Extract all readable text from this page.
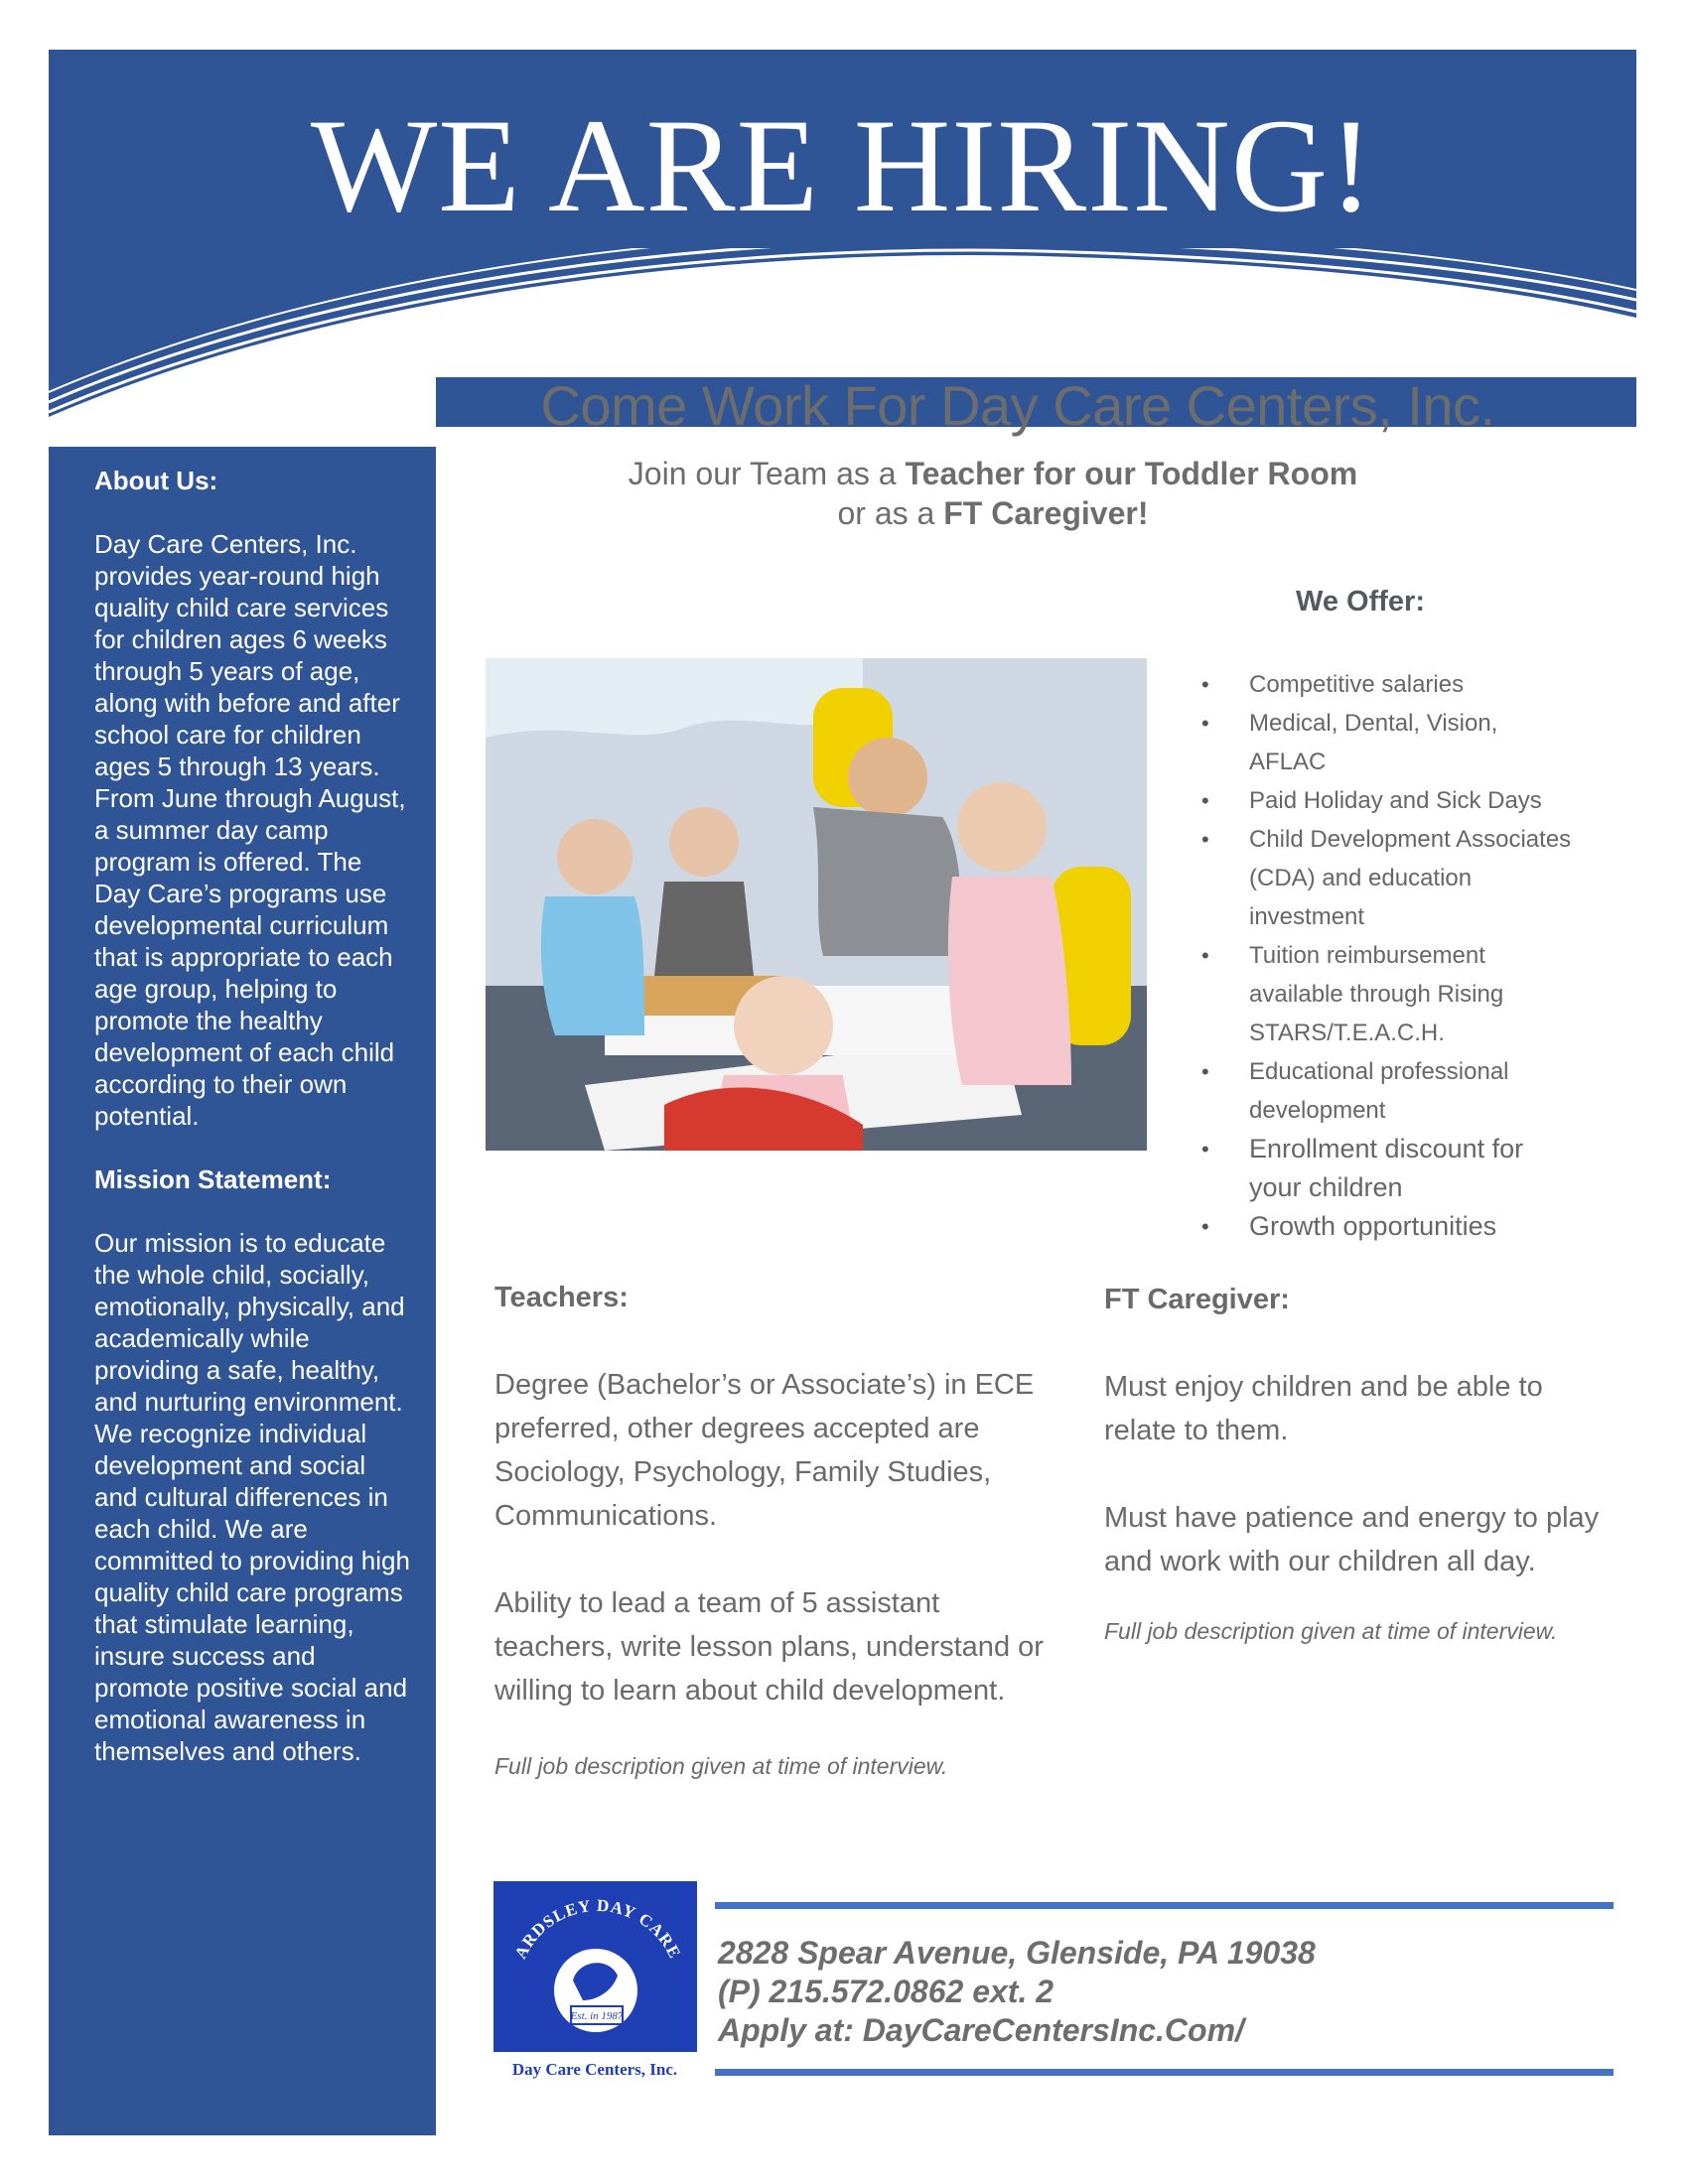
WE ARE HIRING!
About Us:

Day Care Centers, Inc. provides year-round high quality child care services for children ages 6 weeks through 5 years of age, along with before and after school care for children ages 5 through 13 years. From June through August, a summer day camp program is offered. The Day Care’s programs use developmental curriculum that is appropriate to each age group, helping to promote the healthy development of each child according to their own potential.

Mission Statement:

Our mission is to educate the whole child, socially, emotionally, physically, and academically while providing a safe, healthy, and nurturing environment. We recognize individual development and social and cultural differences in each child. We are committed to providing high quality child care programs that stimulate learning, insure success and promote positive social and emotional awareness in themselves and others.

Come Work For Day Care Centers, Inc.
Join our Team as a Teacher for our Toddler Room
or as a FT Caregiver!
We Offer:
• Competitive salaries
• Medical, Dental, Vision, AFLAC
• Paid Holiday and Sick Days
• Child Development Associates (CDA) and education investment
• Tuition reimbursement available through Rising STARS/T.E.A.C.H.
• Educational professional development
• Enrollment discount for your children
• Growth opportunities
Teachers:

Degree (Bachelor’s or Associate’s) in ECE preferred, other degrees accepted are Sociology, Psychology, Family Studies, Communications.

Ability to lead a team of 5 assistant teachers, write lesson plans, understand or willing to learn about child development.

Full job description given at time of interview.

FT Caregiver:

Must enjoy children and be able to relate to them.

Must have patience and energy to play and work with our children all day.

Full job description given at time of interview.

ARDSLEY DAY CARE
Est. in 1987
Day Care Centers, Inc.
2828 Spear Avenue, Glenside, PA 19038
(P) 215.572.0862 ext. 2
Apply at: DayCareCentersInc.Com/
